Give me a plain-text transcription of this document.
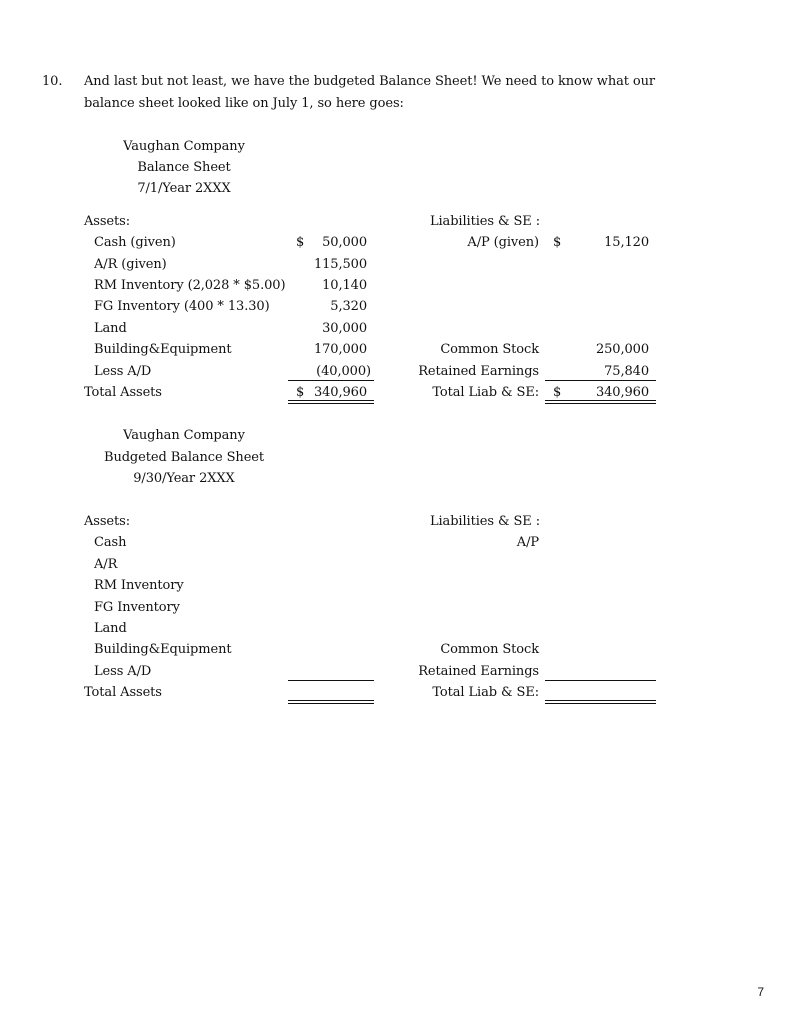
10. And last but not least, we have the budgeted Balance Sheet! We need to know what our
balance sheet looked like on July 1, so here goes:
Vaughan Company
Balance Sheet
7/1/Year 2XXX
Assets:
Cash (given)	$	50,000
A/R (given)	115,500
RM Inventory (2,028 * $5.00)	10,140
FG Inventory (400 * 13.30)	5,320
Land	30,000
Building&Equipment	170,000
Less A/D	(40,000)
Total Assets	$ 340,960
Liabilities & SE :
A/P (given) $	15,120
Common Stock	250,000
Retained Earnings	75,840
Total Liab & SE: $	340,960
Vaughan Company
Budgeted Balance Sheet
9/30/Year 2XXX
Assets:
Cash
A/R
RM Inventory
FG Inventory
Land
Building&Equipment
Less A/D
Total Assets
Liabilities & SE :
A/P
Common Stock
Retained Earnings
Total Liab & SE:
7
